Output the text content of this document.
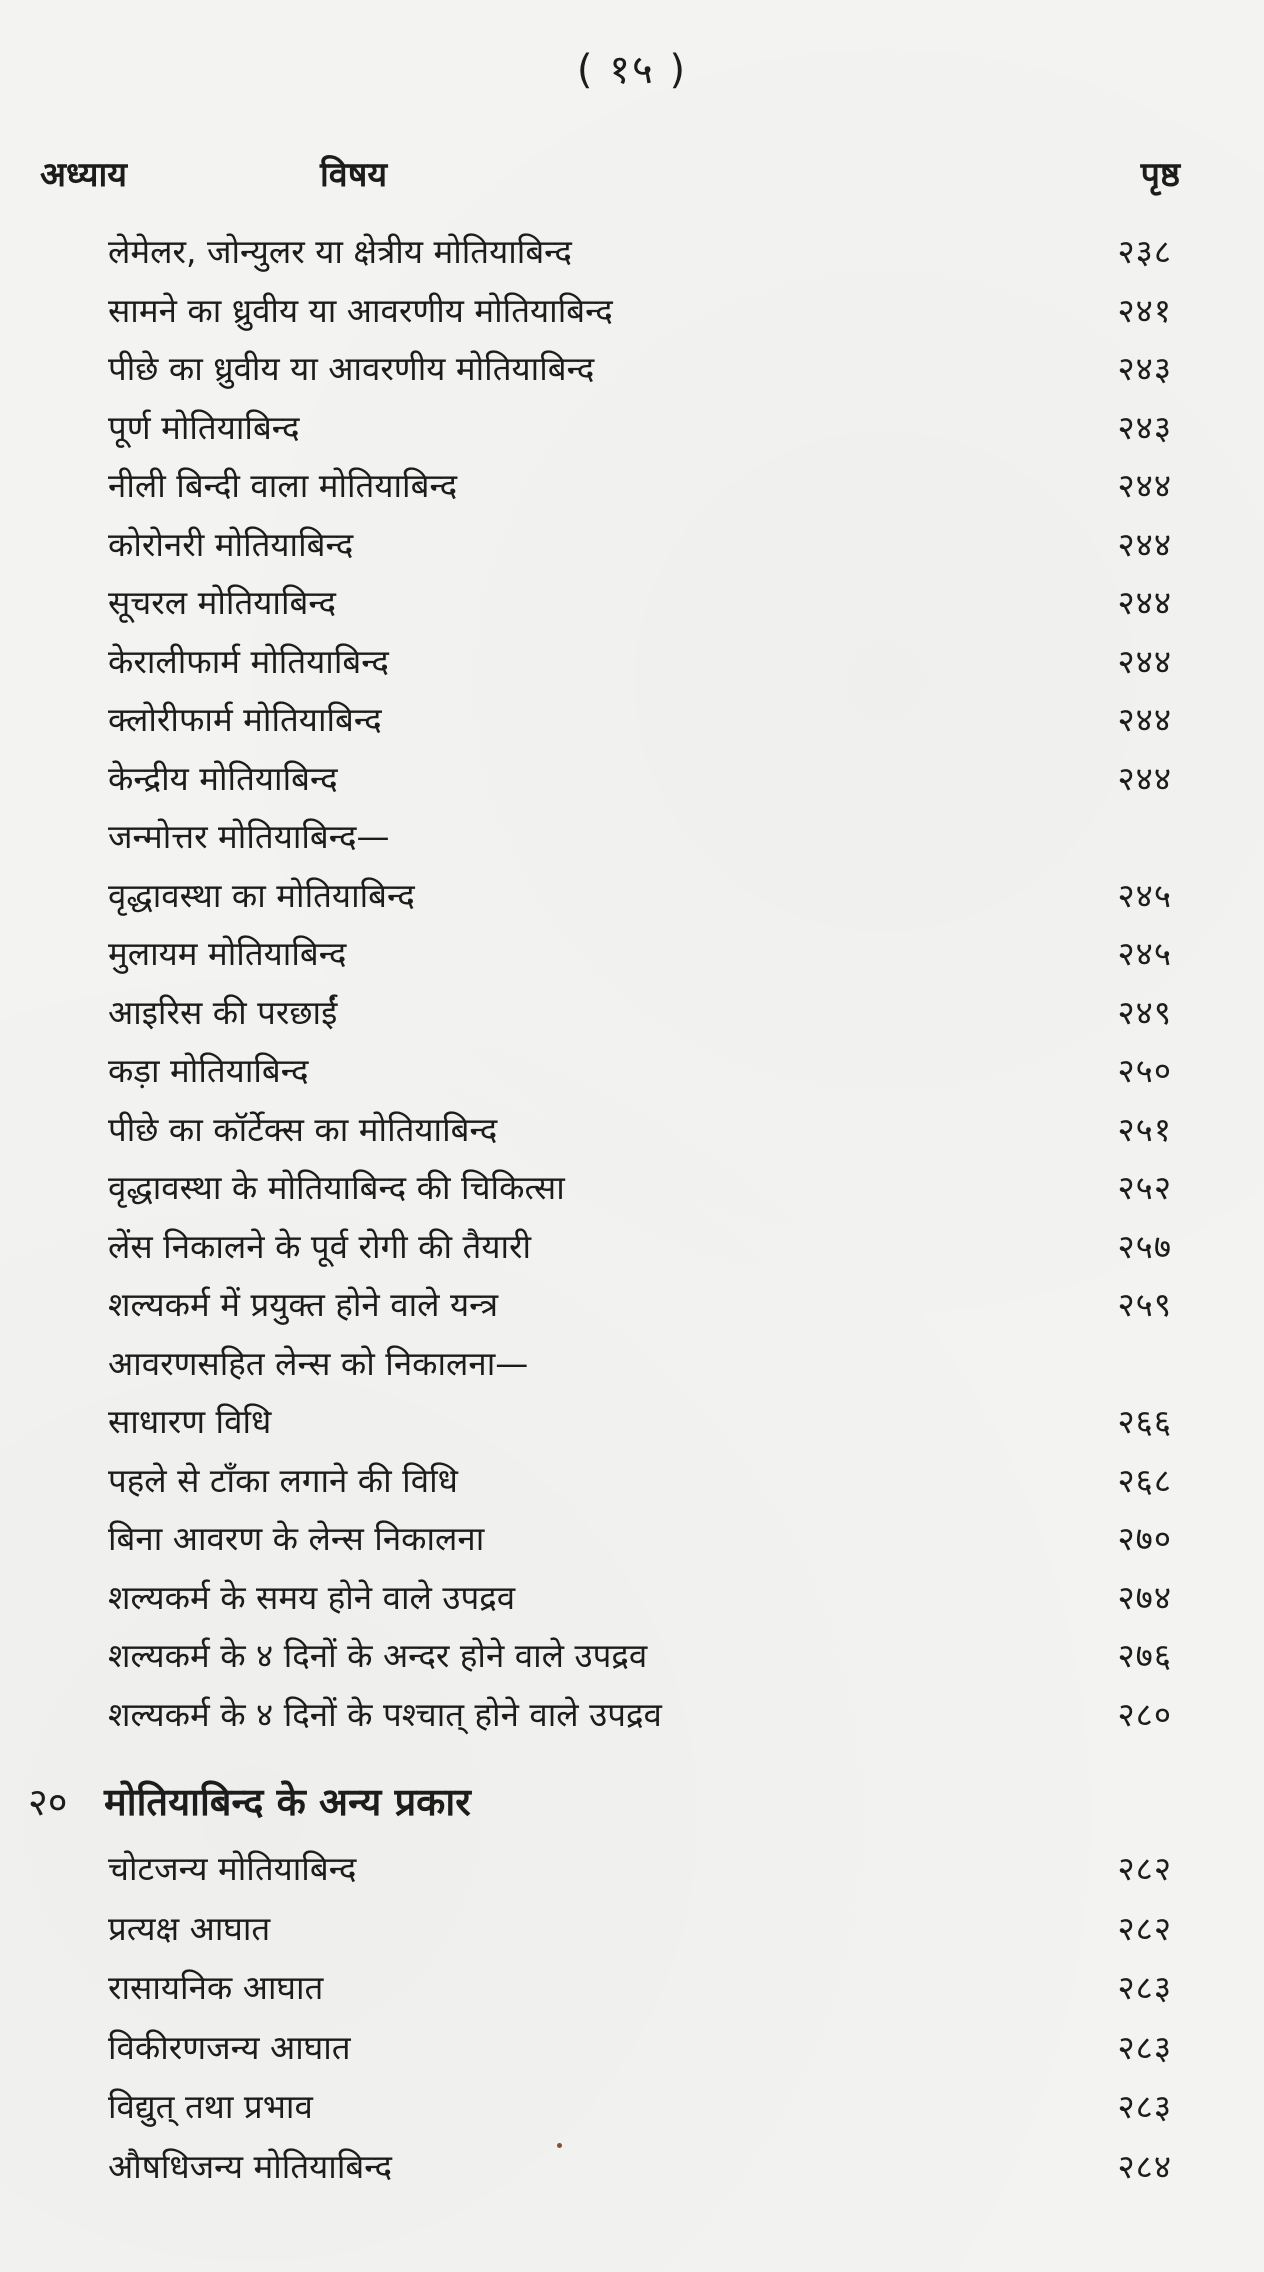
( १५ )
अध्याय	विषय	पृष्ठ
लेमेलर, जोन्युलर या क्षेत्रीय मोतियाबिन्द	२३८
सामने का ध्रुवीय या आवरणीय मोतियाबिन्द	२४१
पीछे का ध्रुवीय या आवरणीय मोतियाबिन्द	२४३
पूर्ण मोतियाबिन्द	२४३
नीली बिन्दी वाला मोतियाबिन्द	२४४
कोरोनरी मोतियाबिन्द	२४४
सूचरल मोतियाबिन्द	२४४
केरालीफार्म मोतियाबिन्द	२४४
क्लोरीफार्म मोतियाबिन्द	२४४
केन्द्रीय मोतियाबिन्द	२४४
जन्मोत्तर मोतियाबिन्द—
वृद्धावस्था का मोतियाबिन्द	२४५
मुलायम मोतियाबिन्द	२४५
आइरिस की परछाईं	२४९
कड़ा मोतियाबिन्द	२५०
पीछे का कॉर्टेक्स का मोतियाबिन्द	२५१
वृद्धावस्था के मोतियाबिन्द की चिकित्सा	२५२
लेंस निकालने के पूर्व रोगी की तैयारी	२५७
शल्यकर्म में प्रयुक्त होने वाले यन्त्र	२५९
आवरणसहित लेन्स को निकालना—
साधारण विधि	२६६
पहले से टाँका लगाने की विधि	२६८
बिना आवरण के लेन्स निकालना	२७०
शल्यकर्म के समय होने वाले उपद्रव	२७४
शल्यकर्म के ४ दिनों के अन्दर होने वाले उपद्रव	२७६
शल्यकर्म के ४ दिनों के पश्चात् होने वाले उपद्रव	२८०
२० मोतियाबिन्द के अन्य प्रकार
चोटजन्य मोतियाबिन्द	२८२
प्रत्यक्ष आघात	२८२
रासायनिक आघात	२८३
विकीरणजन्य आघात	२८३
विद्युत् तथा प्रभाव	२८३
औषधिजन्य मोतियाबिन्द	२८४
